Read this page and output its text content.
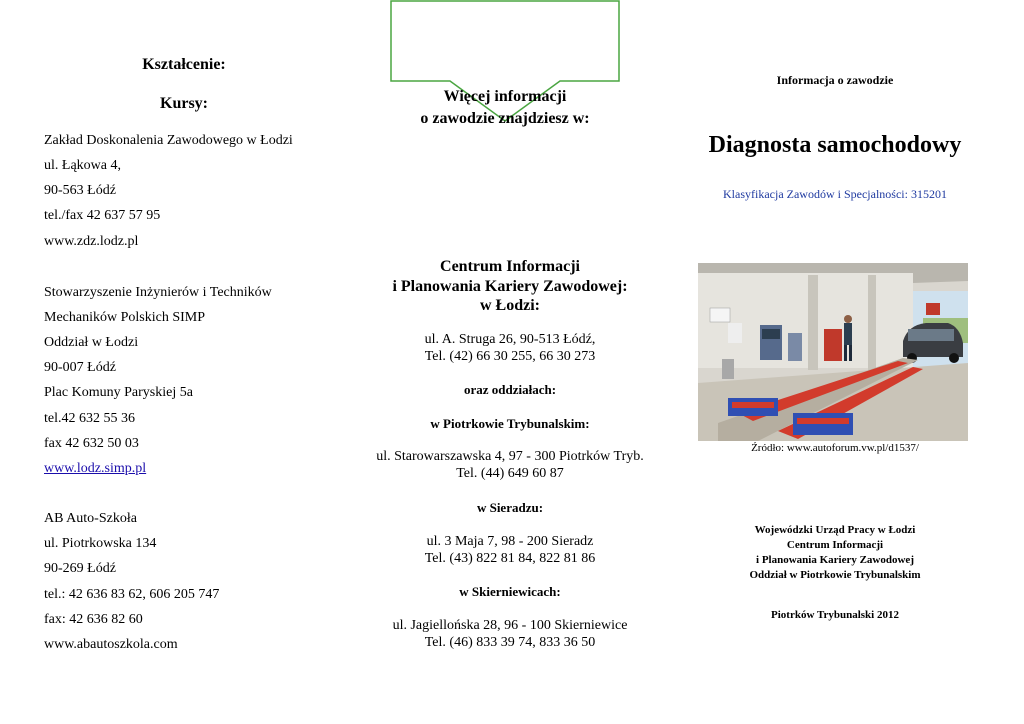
Kształcenie:
Kursy:
Zakład Doskonalenia Zawodowego w Łodzi
ul. Łąkowa 4,
90-563 Łódź
tel./fax 42 637 57 95
www.zdz.lodz.pl
Stowarzyszenie Inżynierów i Techników
Mechaników Polskich SIMP
Oddział w Łodzi
90-007 Łódź
Plac Komuny Paryskiej 5a
tel.42 632 55 36
fax 42 632 50 03
www.lodz.simp.pl
AB Auto-Szkoła
ul. Piotrkowska 134
90-269 Łódź
tel.: 42 636 83 62, 606 205 747
fax: 42 636 82 60
www.abautoszkola.com
Więcej informacji
o zawodzie znajdziesz w:
Centrum Informacji
i Planowania Kariery Zawodowej:
w Łodzi:
ul. A. Struga 26, 90-513 Łódź,
Tel. (42) 66 30 255, 66 30 273
oraz oddziałach:
w Piotrkowie Trybunalskim:
ul. Starowarszawska 4, 97 - 300 Piotrków Tryb.
Tel. (44) 649 60 87
w Sieradzu:
ul. 3 Maja 7, 98 - 200 Sieradz
Tel. (43) 822 81 84, 822 81 86
w Skierniewicach:
ul. Jagiellońska 28, 96 - 100 Skierniewice
Tel. (46) 833 39 74, 833 36 50
Informacja o zawodzie
Diagnosta samochodowy
Klasyfikacja Zawodów i Specjalności: 315201
Źródło: www.autoforum.vw.pl/d1537/
Wojewódzki Urząd Pracy w Łodzi
Centrum Informacji
i Planowania Kariery Zawodowej
Oddział w Piotrkowie Trybunalskim
Piotrków Trybunalski 2012
